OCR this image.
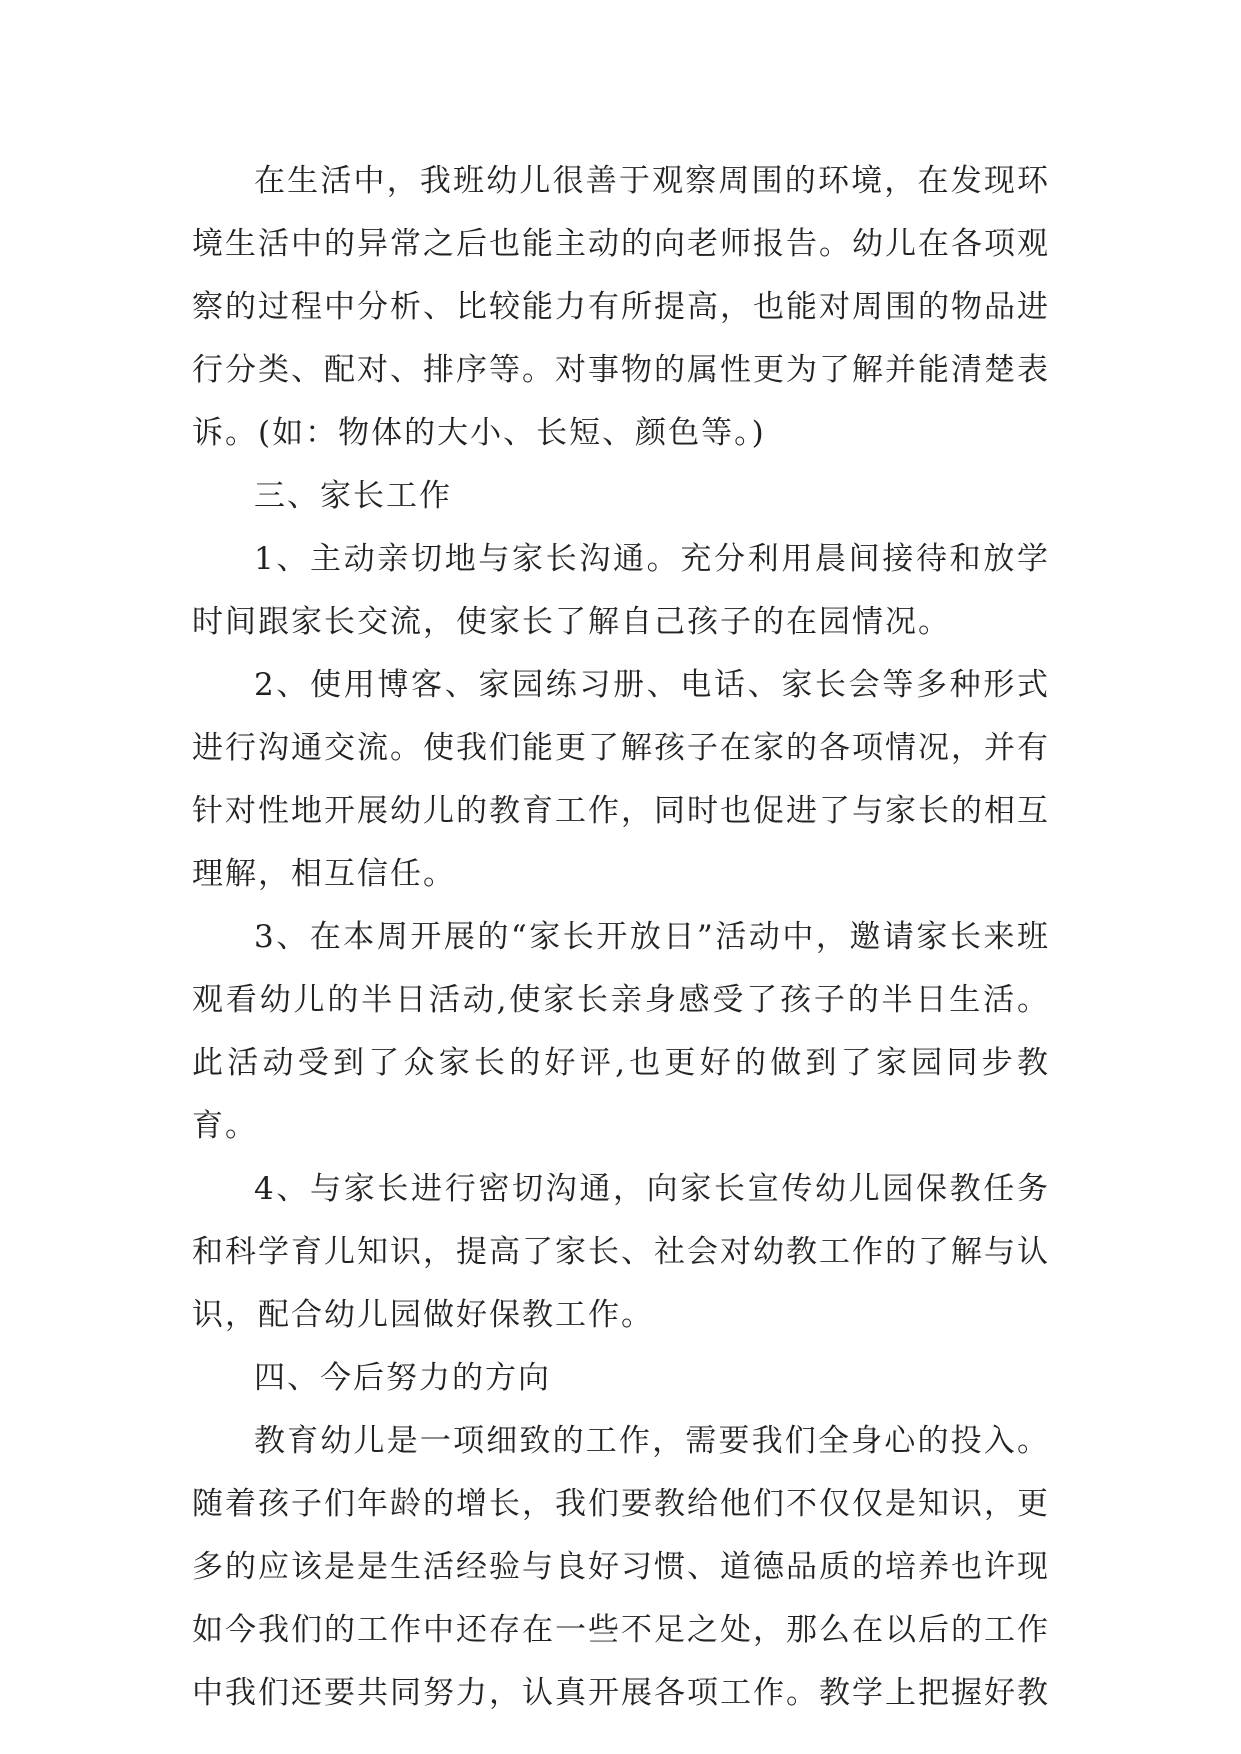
在生活中，我班幼儿很善于观察周围的环境，在发现环境生活中的异常之后也能主动的向老师报告。幼儿在各项观察的过程中分析、比较能力有所提高，也能对周围的物品进行分类、配对、排序等。对事物的属性更为了解并能清楚表诉。(如：物体的大小、长短、颜色等。)

三、家长工作

1、主动亲切地与家长沟通。充分利用晨间接待和放学时间跟家长交流，使家长了解自己孩子的在园情况。

2、使用博客、家园练习册、电话、家长会等多种形式进行沟通交流。使我们能更了解孩子在家的各项情况，并有针对性地开展幼儿的教育工作，同时也促进了与家长的相互理解，相互信任。

3、在本周开展的“家长开放日”活动中，邀请家长来班观看幼儿的半日活动,使家长亲身感受了孩子的半日生活。此活动受到了众家长的好评,也更好的做到了家园同步教育。

4、与家长进行密切沟通，向家长宣传幼儿园保教任务和科学育儿知识，提高了家长、社会对幼教工作的了解与认识，配合幼儿园做好保教工作。

四、今后努力的方向

教育幼儿是一项细致的工作，需要我们全身心的投入。随着孩子们年龄的增长，我们要教给他们不仅仅是知识，更多的应该是是生活经验与良好习惯、道德品质的培养也许现如今我们的工作中还存在一些不足之处，那么在以后的工作中我们还要共同努力，认真开展各项工作。教学上把握好教
